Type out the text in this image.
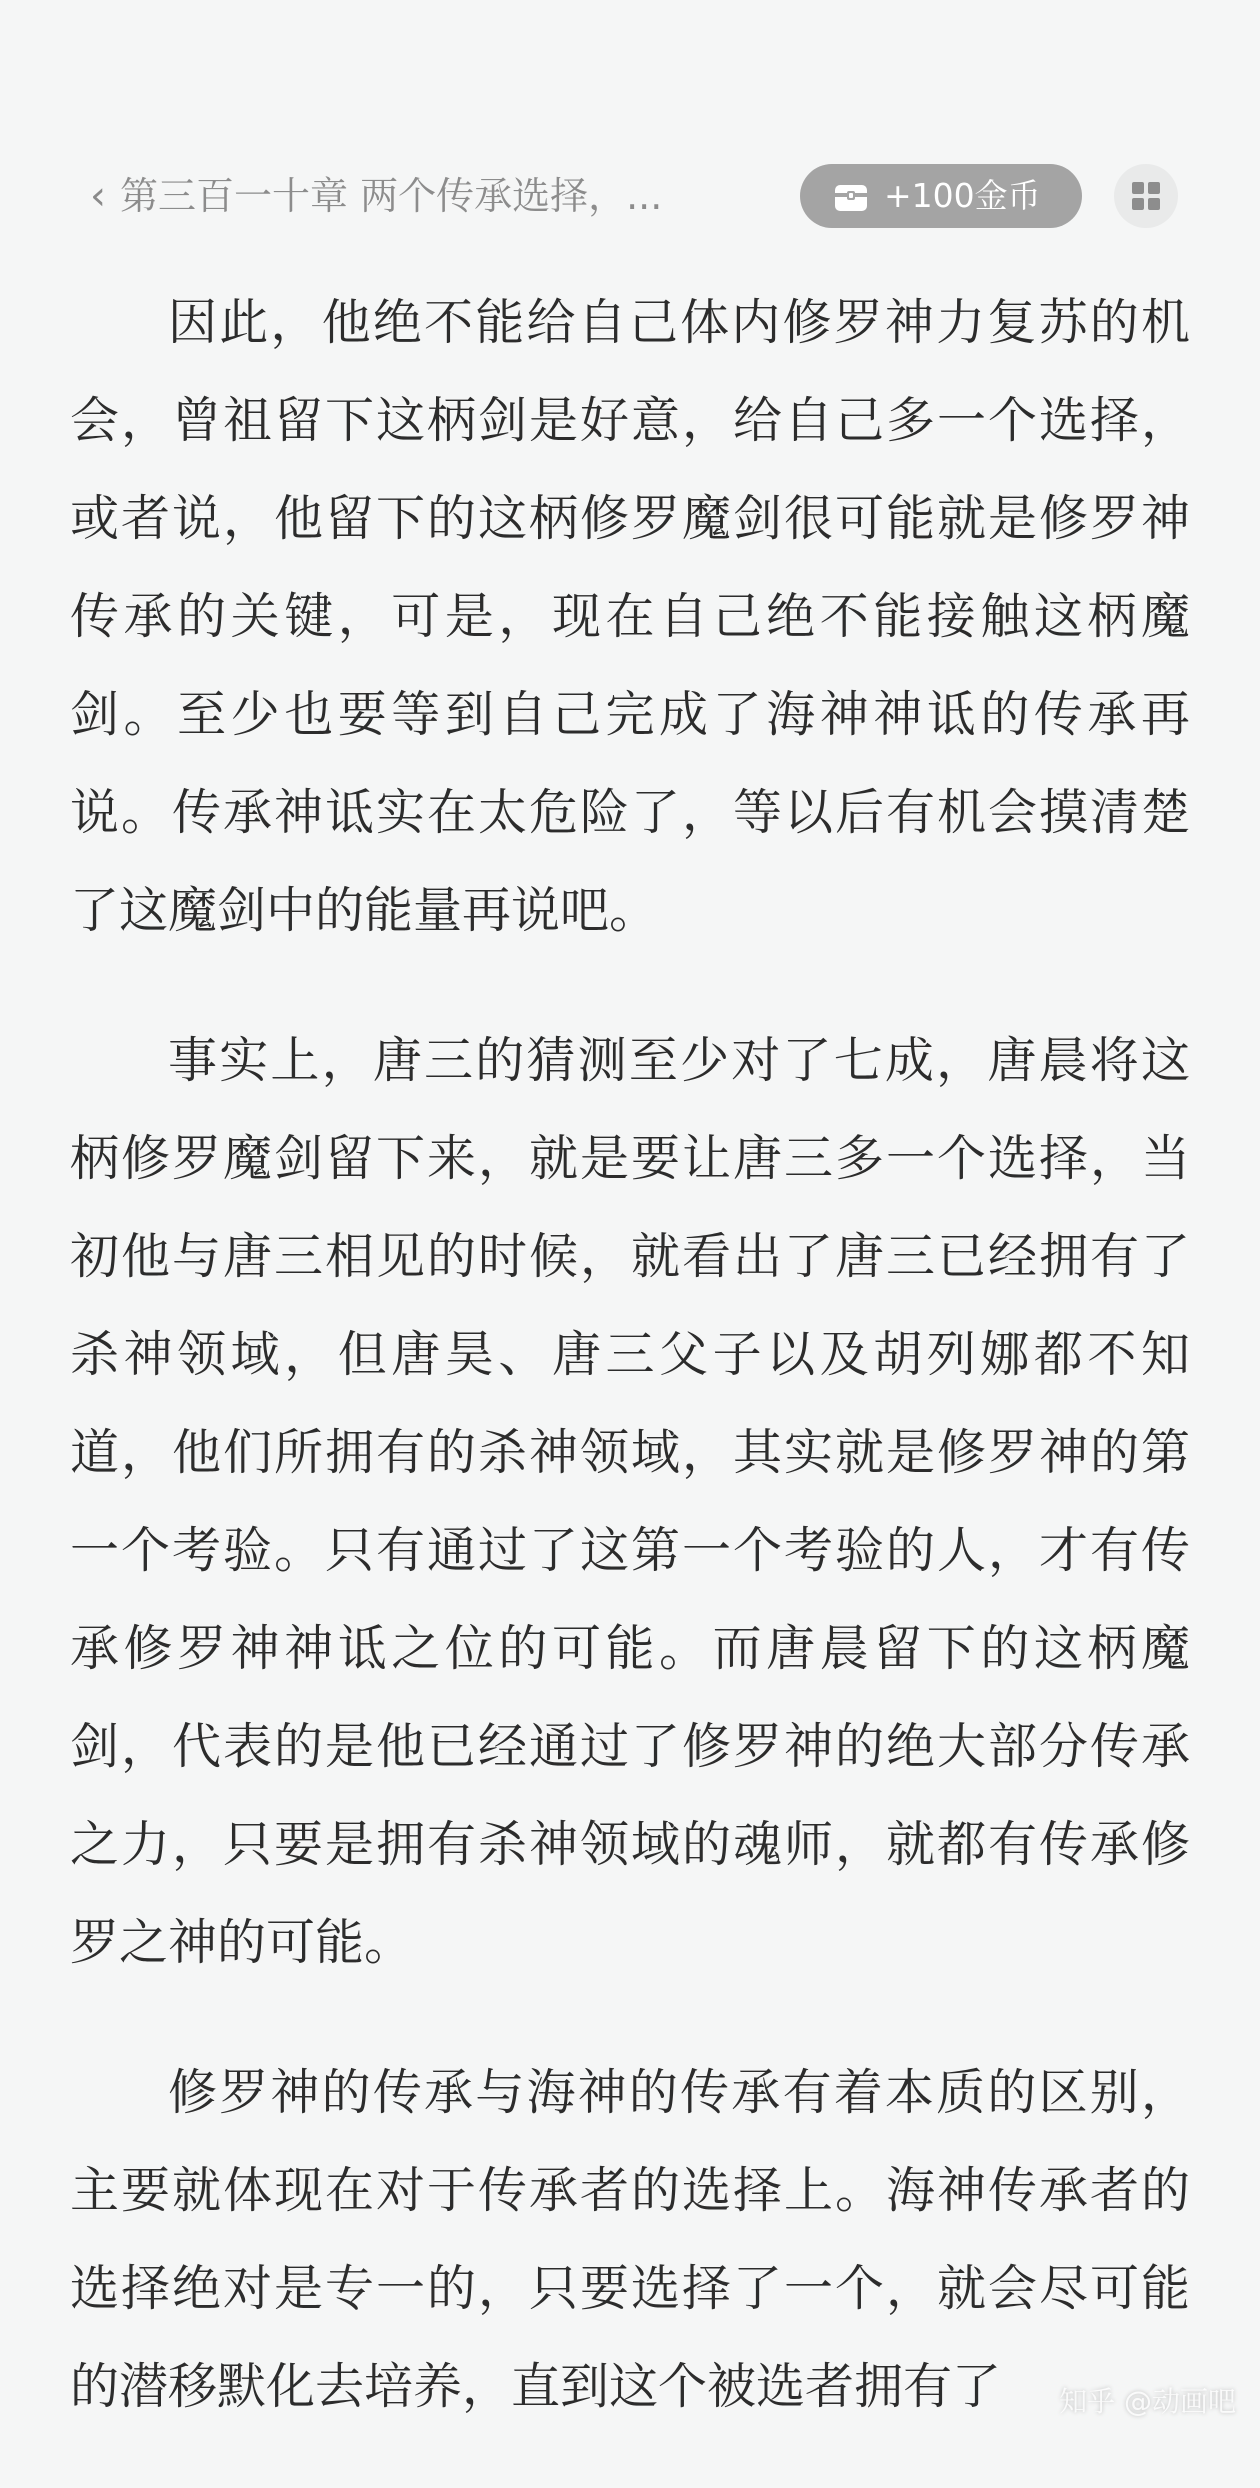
‹ 第三百一十章 两个传承选择，...	+100金币

因此，他绝不能给自己体内修罗神力复苏的机会，曾祖留下这柄剑是好意，给自己多一个选择，或者说，他留下的这柄修罗魔剑很可能就是修罗神传承的关键，可是，现在自己绝不能接触这柄魔剑。至少也要等到自己完成了海神神诋的传承再说。传承神诋实在太危险了，等以后有机会摸清楚了这魔剑中的能量再说吧。

事实上，唐三的猜测至少对了七成，唐晨将这柄修罗魔剑留下来，就是要让唐三多一个选择，当初他与唐三相见的时候，就看出了唐三已经拥有了杀神领域，但唐昊、唐三父子以及胡列娜都不知道，他们所拥有的杀神领域，其实就是修罗神的第一个考验。只有通过了这第一个考验的人，才有传承修罗神神诋之位的可能。而唐晨留下的这柄魔剑，代表的是他已经通过了修罗神的绝大部分传承之力，只要是拥有杀神领域的魂师，就都有传承修罗之神的可能。

修罗神的传承与海神的传承有着本质的区别，主要就体现在对于传承者的选择上。海神传承者的选择绝对是专一的，只要选择了一个，就会尽可能的潜移默化去培养，直到这个被选者拥有了	知乎 @动画吧
